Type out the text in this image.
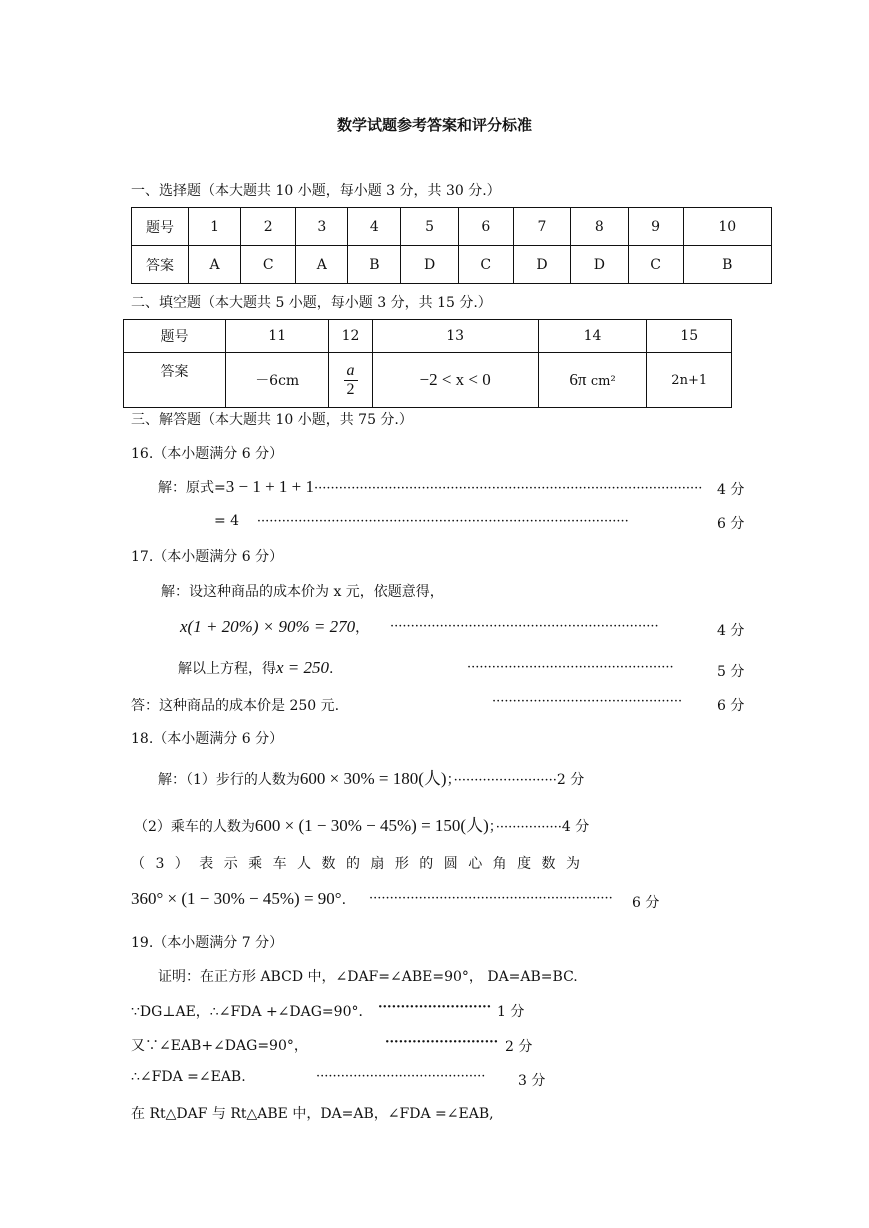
数学试题参考答案和评分标准
一、选择题（本大题共 10 小题，每小题 3 分，共 30 分.）
题号	1	2	3	4	5	6	7	8	9	10
答案	A	C	A	B	D	C	D	D	C	B
二、填空题（本大题共 5 小题，每小题 3 分，共 15 分.）
题号	11	12	13	14	15
答案	－6cm	$\frac{a}{2}$	−2 < x < 0	6π cm²	2n+1
三、解答题（本大题共 10 小题，共 75 分.）
16.（本小题满分 6 分）
解：原式=3 − 1 + 1 + 1······························································································ 4 分
= 4 ··························································································	6 分
17.（本小题满分 6 分）
解：设这种商品的成本价为 x 元，依题意得，
x(1 + 20%) × 90% = 270， ·································································	4 分
解以上方程，得x = 250.	··················································	5 分
答：这种商品的成本价是 250 元.	·············································· 6 分
18.（本小题满分 6 分）
解：（1）步行的人数为600 × 30% = 180(人)；·························2 分
（2）乘车的人数为600 × (1 − 30% − 45%) = 150(人)；················4 分
（ 3 ） 表 示 乘 车 人 数 的 扇 形 的 圆 心 角 度 数 为
360° × (1 − 30% − 45%) = 90°. ··························································· 6 分
19.（本小题满分 7 分）
证明：在正方形 ABCD 中，∠DAF=∠ABE=90°， DA=AB=BC.
∵DG⊥AE，∴∠FDA +∠DAG=90°． ························· 1 分
又∵∠EAB+∠DAG=90°，	························· 2 分
∴∠FDA =∠EAB.	········································· 3 分
在 Rt△DAF 与 Rt△ABE 中，DA=AB，∠FDA =∠EAB,
